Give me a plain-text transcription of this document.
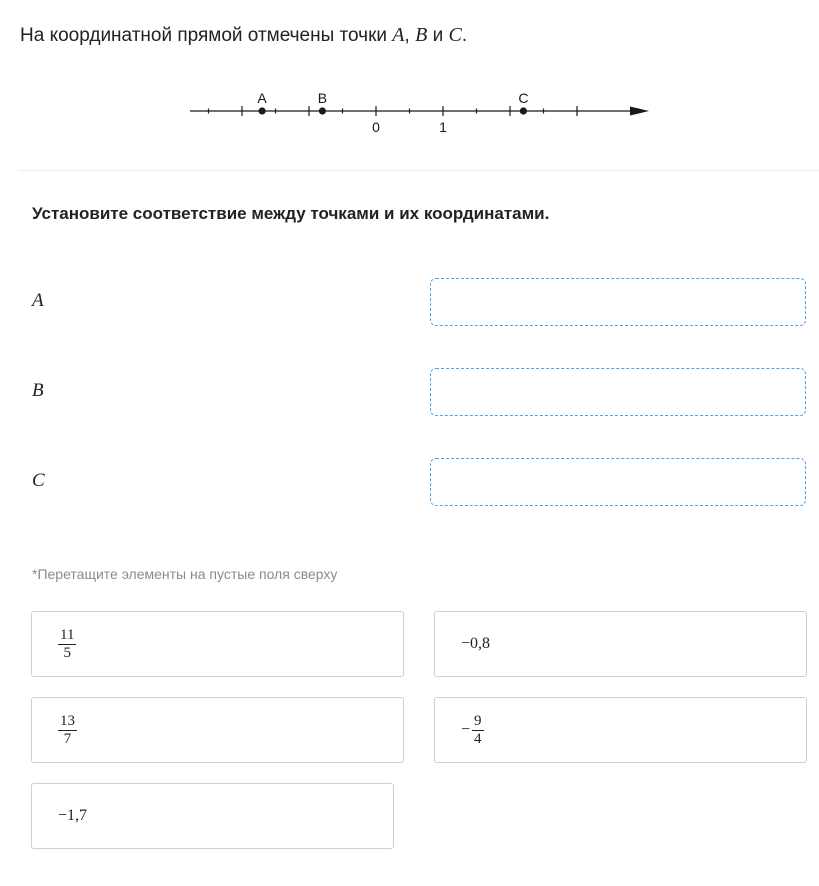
На координатной прямой отмечены точки A, B и C.
A	B	C
0	1
Установите соответствие между точками и их координатами.
A
B
C
*Перетащите элементы на пустые поля сверху
$\frac{11}{5}$	−0,8
$\frac{13}{7}$	− $\frac{9}{4}$
−1,7
